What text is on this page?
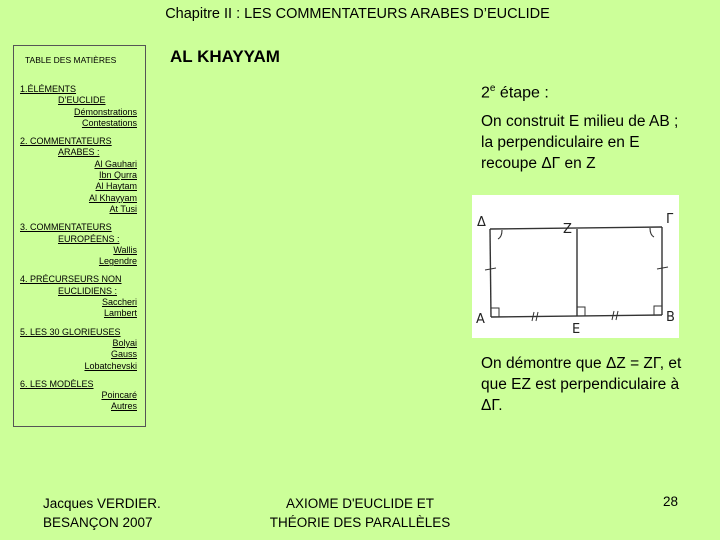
Chapitre II : LES COMMENTATEURS ARABES D’EUCLIDE
TABLE DES MATIÈRES
1.ÉLÉMENTS
D’EUCLIDE
Démonstrations
Contestations
2. COMMENTATEURS
ARABES :
Al Gauhari
Ibn Qurra
Al Haytam
Al Khayyam
At Tusi
3. COMMENTATEURS
EUROPÉENS :
Wallis
Legendre
4. PRÉCURSEURS NON
EUCLIDIENS :
Saccheri
Lambert
5. LES 30 GLORIEUSES
Bolyai
Gauss
Lobatchevski
6. LES MODÈLES
Poincaré
Autres
AL KHAYYAM
2e étape :
On construit E milieu de AB ; la perpendiculaire en E recoupe ΔΓ en Z
Δ	Z
Γ
A
E
B
On démontre que ΔZ = ZΓ, et que EZ est perpendiculaire à ΔΓ.
Jacques VERDIER.
BESANÇON 2007
AXIOME D'EUCLIDE ET
THÉORIE DES PARALLÈLES
28
